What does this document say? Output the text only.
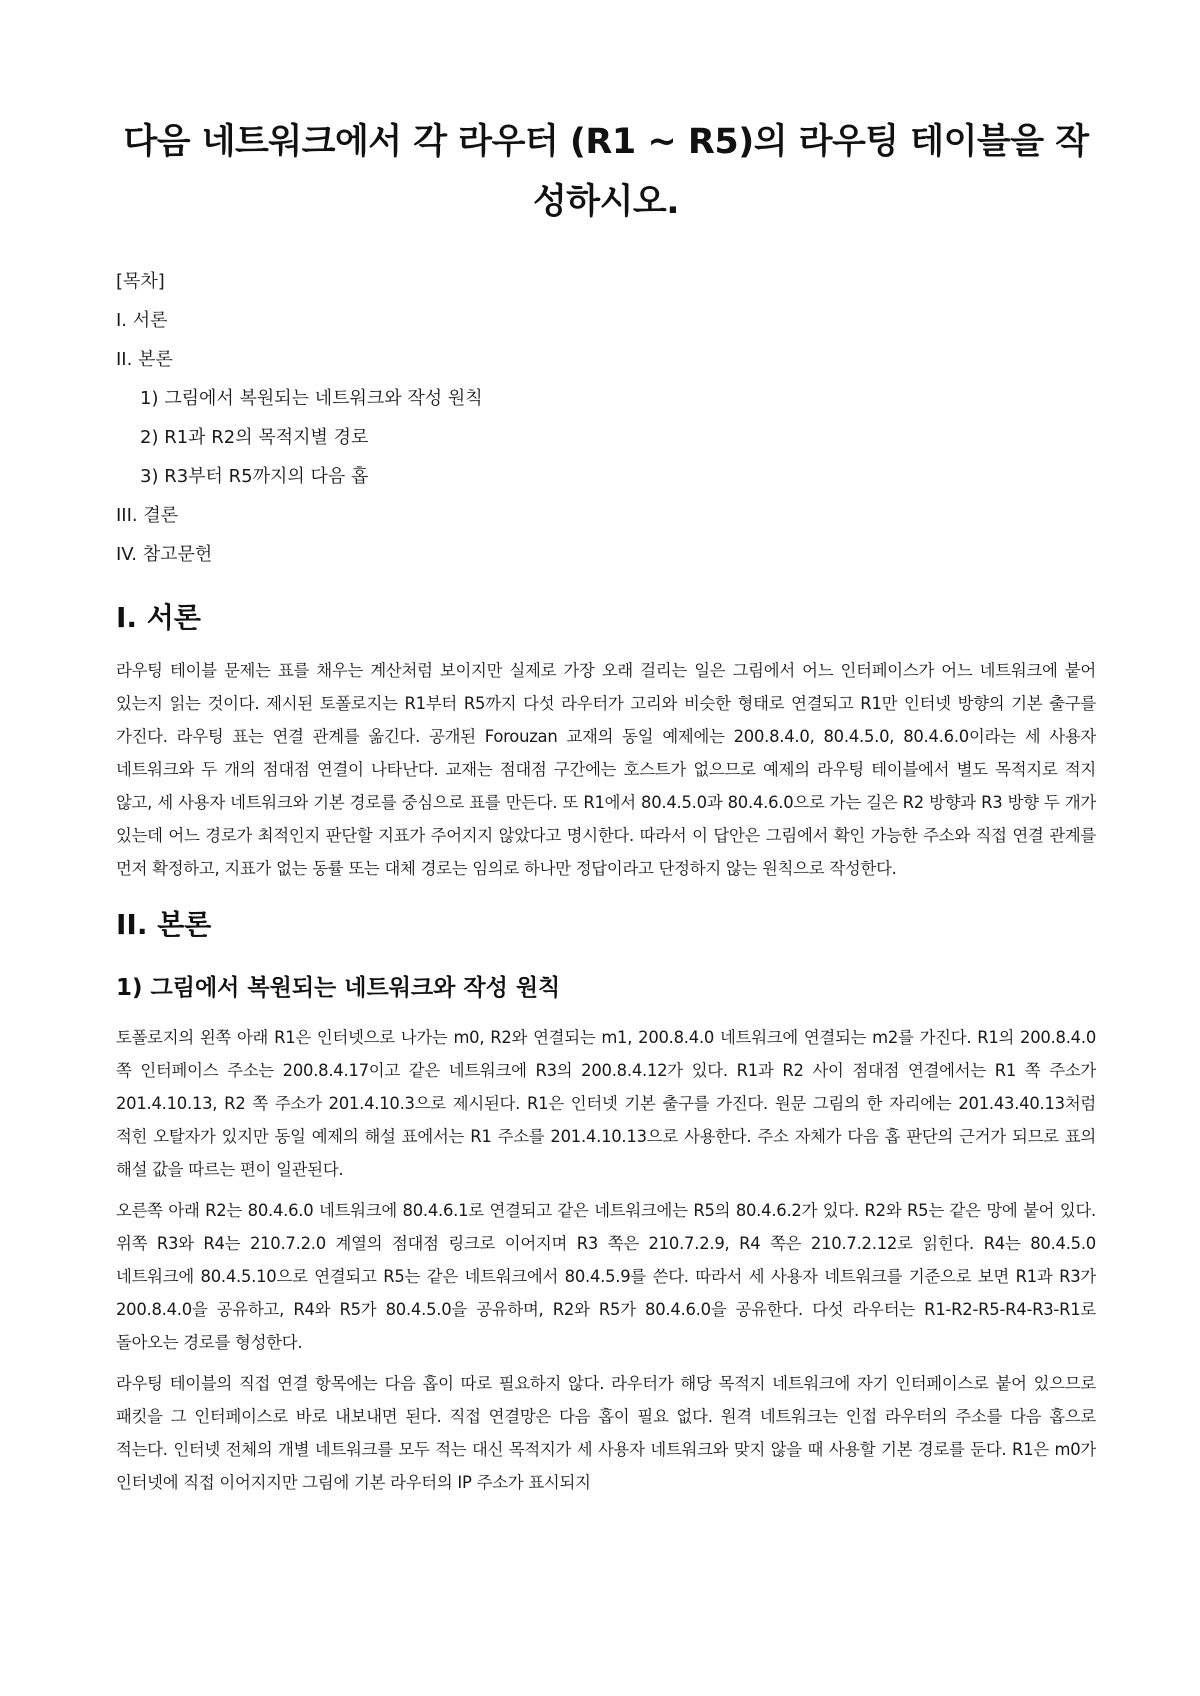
다음 네트워크에서 각 라우터 (R1 ~ R5)의 라우팅 테이블을 작성하시오.
[목차]
I. 서론
II. 본론
1) 그림에서 복원되는 네트워크와 작성 원칙
2) R1과 R2의 목적지별 경로
3) R3부터 R5까지의 다음 홉
III. 결론
IV. 참고문헌
I. 서론

라우팅 테이블 문제는 표를 채우는 계산처럼 보이지만 실제로 가장 오래 걸리는 일은 그림에서 어느 인터페이스가 어느 네트워크에 붙어 있는지 읽는 것이다. 제시된 토폴로지는 R1부터 R5까지 다섯 라우터가 고리와 비슷한 형태로 연결되고 R1만 인터넷 방향의 기본 출구를 가진다. 라우팅 표는 연결 관계를 옮긴다. 공개된 Forouzan 교재의 동일 예제에는 200.8.4.0, 80.4.5.0, 80.4.6.0이라는 세 사용자 네트워크와 두 개의 점대점 연결이 나타난다. 교재는 점대점 구간에는 호스트가 없으므로 예제의 라우팅 테이블에서 별도 목적지로 적지 않고, 세 사용자 네트워크와 기본 경로를 중심으로 표를 만든다. 또 R1에서 80.4.5.0과 80.4.6.0으로 가는 길은 R2 방향과 R3 방향 두 개가 있는데 어느 경로가 최적인지 판단할 지표가 주어지지 않았다고 명시한다. 따라서 이 답안은 그림에서 확인 가능한 주소와 직접 연결 관계를 먼저 확정하고, 지표가 없는 동률 또는 대체 경로는 임의로 하나만 정답이라고 단정하지 않는 원칙으로 작성한다.

II. 본론
1) 그림에서 복원되는 네트워크와 작성 원칙

토폴로지의 왼쪽 아래 R1은 인터넷으로 나가는 m0, R2와 연결되는 m1, 200.8.4.0 네트워크에 연결되는 m2를 가진다. R1의 200.8.4.0 쪽 인터페이스 주소는 200.8.4.17이고 같은 네트워크에 R3의 200.8.4.12가 있다. R1과 R2 사이 점대점 연결에서는 R1 쪽 주소가 201.4.10.13, R2 쪽 주소가 201.4.10.3으로 제시된다. R1은 인터넷 기본 출구를 가진다. 원문 그림의 한 자리에는 201.43.40.13처럼 적힌 오탈자가 있지만 동일 예제의 해설 표에서는 R1 주소를 201.4.10.13으로 사용한다. 주소 자체가 다음 홉 판단의 근거가 되므로 표의 해설 값을 따르는 편이 일관된다.

오른쪽 아래 R2는 80.4.6.0 네트워크에 80.4.6.1로 연결되고 같은 네트워크에는 R5의 80.4.6.2가 있다. R2와 R5는 같은 망에 붙어 있다. 위쪽 R3와 R4는 210.7.2.0 계열의 점대점 링크로 이어지며 R3 쪽은 210.7.2.9, R4 쪽은 210.7.2.12로 읽힌다. R4는 80.4.5.0 네트워크에 80.4.5.10으로 연결되고 R5는 같은 네트워크에서 80.4.5.9를 쓴다. 따라서 세 사용자 네트워크를 기준으로 보면 R1과 R3가 200.8.4.0을 공유하고, R4와 R5가 80.4.5.0을 공유하며, R2와 R5가 80.4.6.0을 공유한다. 다섯 라우터는 R1-R2-R5-R4-R3-R1로 돌아오는 경로를 형성한다.

라우팅 테이블의 직접 연결 항목에는 다음 홉이 따로 필요하지 않다. 라우터가 해당 목적지 네트워크에 자기 인터페이스로 붙어 있으므로 패킷을 그 인터페이스로 바로 내보내면 된다. 직접 연결망은 다음 홉이 필요 없다. 원격 네트워크는 인접 라우터의 주소를 다음 홉으로 적는다. 인터넷 전체의 개별 네트워크를 모두 적는 대신 목적지가 세 사용자 네트워크와 맞지 않을 때 사용할 기본 경로를 둔다. R1은 m0가 인터넷에 직접 이어지지만 그림에 기본 라우터의 IP 주소가 표시되지
